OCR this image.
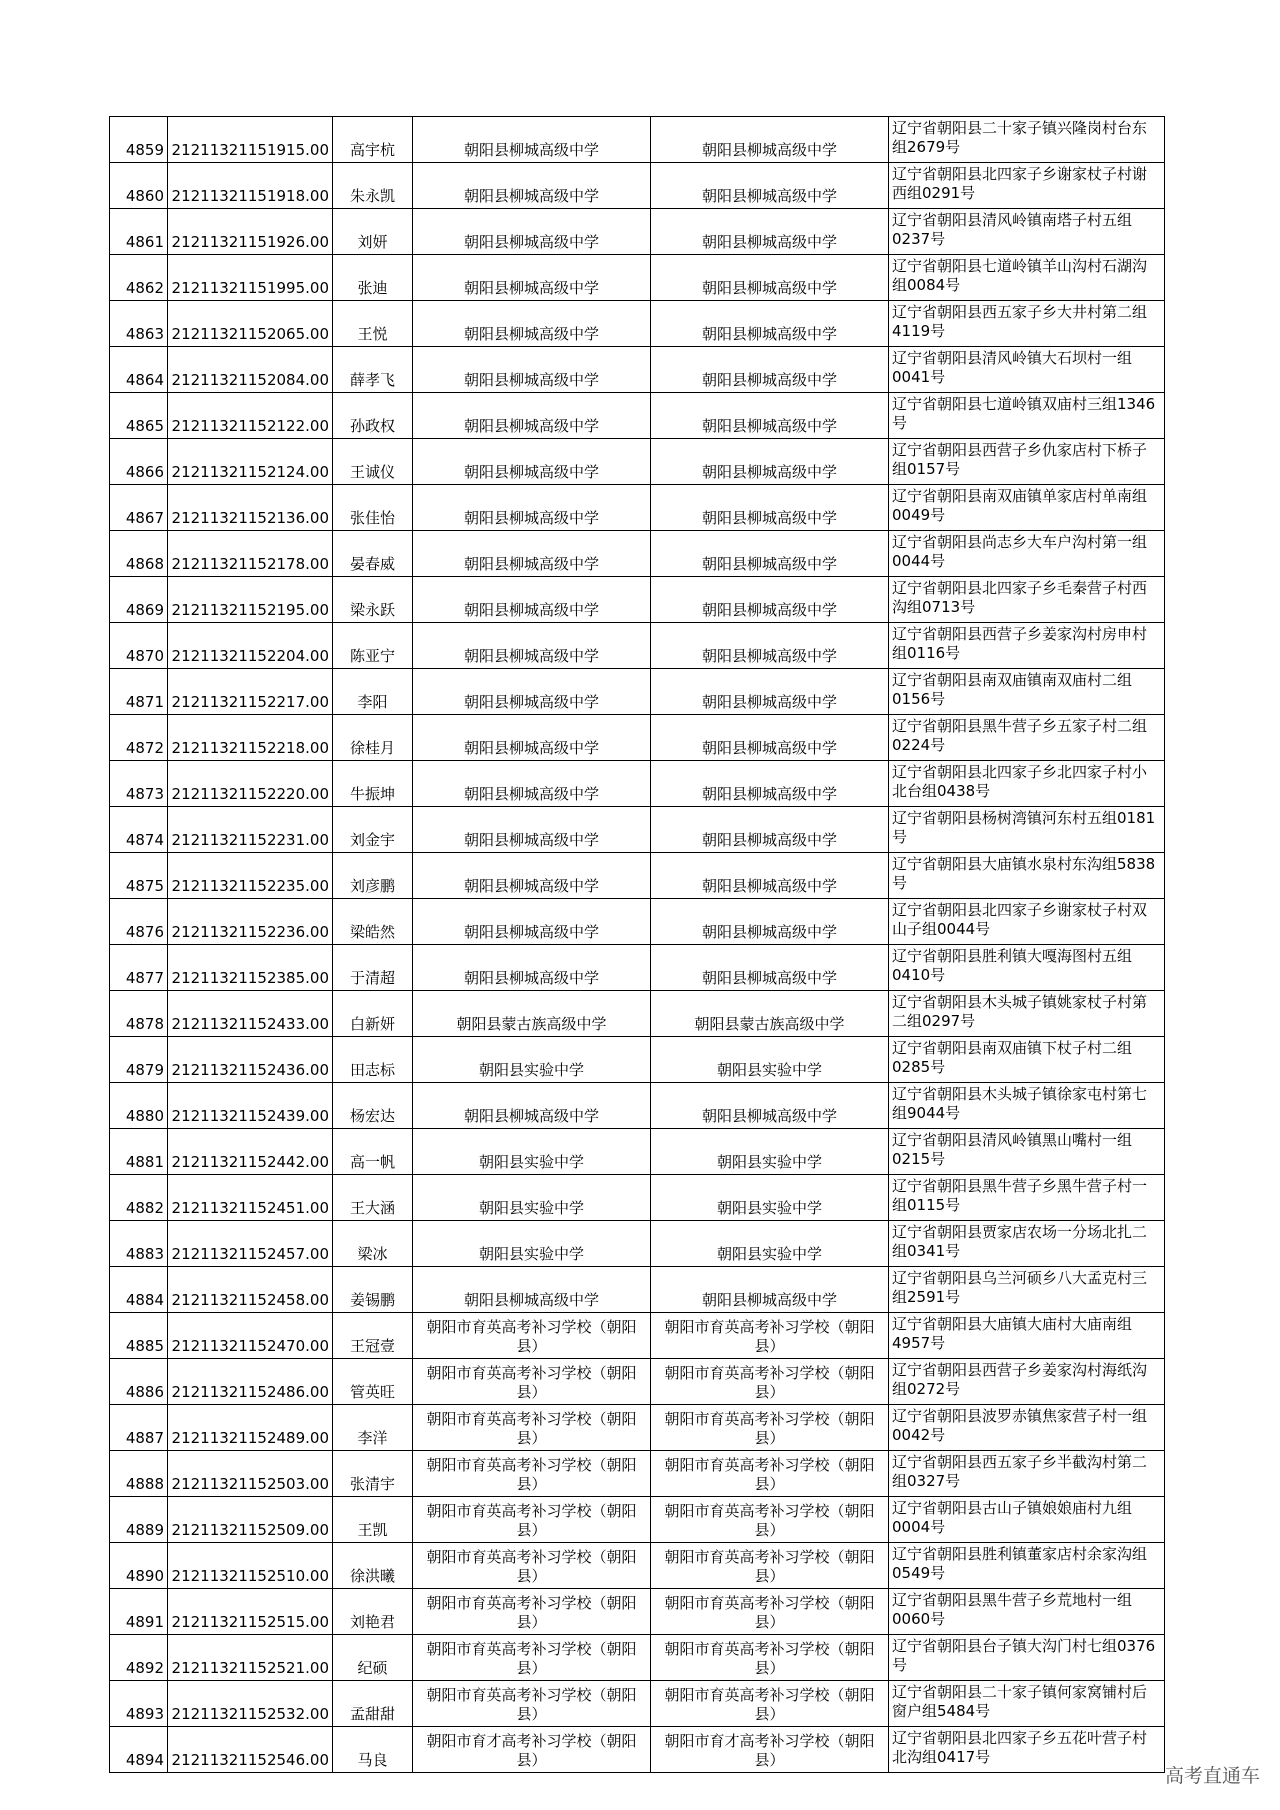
4859	21211321151915.00	高宇杭	朝阳县柳城高级中学	朝阳县柳城高级中学	辽宁省朝阳县二十家子镇兴隆岗村台东组2679号
4860	21211321151918.00	朱永凯	朝阳县柳城高级中学	朝阳县柳城高级中学	辽宁省朝阳县北四家子乡谢家杖子村谢西组0291号
4861	21211321151926.00	刘妍	朝阳县柳城高级中学	朝阳县柳城高级中学	辽宁省朝阳县清风岭镇南塔子村五组0237号
4862	21211321151995.00	张迪	朝阳县柳城高级中学	朝阳县柳城高级中学	辽宁省朝阳县七道岭镇羊山沟村石湖沟组0084号
4863	21211321152065.00	王悦	朝阳县柳城高级中学	朝阳县柳城高级中学	辽宁省朝阳县西五家子乡大井村第二组4119号
4864	21211321152084.00	薛孝飞	朝阳县柳城高级中学	朝阳县柳城高级中学	辽宁省朝阳县清风岭镇大石坝村一组0041号
4865	21211321152122.00	孙政权	朝阳县柳城高级中学	朝阳县柳城高级中学	辽宁省朝阳县七道岭镇双庙村三组1346号
4866	21211321152124.00	王诚仪	朝阳县柳城高级中学	朝阳县柳城高级中学	辽宁省朝阳县西营子乡仇家店村下桥子组0157号
4867	21211321152136.00	张佳怡	朝阳县柳城高级中学	朝阳县柳城高级中学	辽宁省朝阳县南双庙镇单家店村单南组0049号
4868	21211321152178.00	晏春威	朝阳县柳城高级中学	朝阳县柳城高级中学	辽宁省朝阳县尚志乡大车户沟村第一组0044号
4869	21211321152195.00	梁永跃	朝阳县柳城高级中学	朝阳县柳城高级中学	辽宁省朝阳县北四家子乡毛秦营子村西沟组0713号
4870	21211321152204.00	陈亚宁	朝阳县柳城高级中学	朝阳县柳城高级中学	辽宁省朝阳县西营子乡姜家沟村房申村组0116号
4871	21211321152217.00	李阳	朝阳县柳城高级中学	朝阳县柳城高级中学	辽宁省朝阳县南双庙镇南双庙村二组0156号
4872	21211321152218.00	徐桂月	朝阳县柳城高级中学	朝阳县柳城高级中学	辽宁省朝阳县黑牛营子乡五家子村二组0224号
4873	21211321152220.00	牛振坤	朝阳县柳城高级中学	朝阳县柳城高级中学	辽宁省朝阳县北四家子乡北四家子村小北台组0438号
4874	21211321152231.00	刘金宇	朝阳县柳城高级中学	朝阳县柳城高级中学	辽宁省朝阳县杨树湾镇河东村五组0181号
4875	21211321152235.00	刘彦鹏	朝阳县柳城高级中学	朝阳县柳城高级中学	辽宁省朝阳县大庙镇水泉村东沟组5838号
4876	21211321152236.00	梁皓然	朝阳县柳城高级中学	朝阳县柳城高级中学	辽宁省朝阳县北四家子乡谢家杖子村双山子组0044号
4877	21211321152385.00	于清超	朝阳县柳城高级中学	朝阳县柳城高级中学	辽宁省朝阳县胜利镇大嘎海图村五组0410号
4878	21211321152433.00	白新妍	朝阳县蒙古族高级中学	朝阳县蒙古族高级中学	辽宁省朝阳县木头城子镇姚家杖子村第二组0297号
4879	21211321152436.00	田志标	朝阳县实验中学	朝阳县实验中学	辽宁省朝阳县南双庙镇下杖子村二组0285号
4880	21211321152439.00	杨宏达	朝阳县柳城高级中学	朝阳县柳城高级中学	辽宁省朝阳县木头城子镇徐家屯村第七组9044号
4881	21211321152442.00	高一帆	朝阳县实验中学	朝阳县实验中学	辽宁省朝阳县清风岭镇黑山嘴村一组0215号
4882	21211321152451.00	王大涵	朝阳县实验中学	朝阳县实验中学	辽宁省朝阳县黑牛营子乡黑牛营子村一组0115号
4883	21211321152457.00	梁冰	朝阳县实验中学	朝阳县实验中学	辽宁省朝阳县贾家店农场一分场北扎二组0341号
4884	21211321152458.00	姜锡鹏	朝阳县柳城高级中学	朝阳县柳城高级中学	辽宁省朝阳县乌兰河硕乡八大孟克村三组2591号
4885	21211321152470.00	王冠壹	朝阳市育英高考补习学校（朝阳县）	朝阳市育英高考补习学校（朝阳县）	辽宁省朝阳县大庙镇大庙村大庙南组4957号
4886	21211321152486.00	管英旺	朝阳市育英高考补习学校（朝阳县）	朝阳市育英高考补习学校（朝阳县）	辽宁省朝阳县西营子乡姜家沟村海纸沟组0272号
4887	21211321152489.00	李洋	朝阳市育英高考补习学校（朝阳县）	朝阳市育英高考补习学校（朝阳县）	辽宁省朝阳县波罗赤镇焦家营子村一组0042号
4888	21211321152503.00	张清宇	朝阳市育英高考补习学校（朝阳县）	朝阳市育英高考补习学校（朝阳县）	辽宁省朝阳县西五家子乡半截沟村第二组0327号
4889	21211321152509.00	王凯	朝阳市育英高考补习学校（朝阳县）	朝阳市育英高考补习学校（朝阳县）	辽宁省朝阳县古山子镇娘娘庙村九组0004号
4890	21211321152510.00	徐洪曦	朝阳市育英高考补习学校（朝阳县）	朝阳市育英高考补习学校（朝阳县）	辽宁省朝阳县胜利镇董家店村余家沟组0549号
4891	21211321152515.00	刘艳君	朝阳市育英高考补习学校（朝阳县）	朝阳市育英高考补习学校（朝阳县）	辽宁省朝阳县黑牛营子乡荒地村一组0060号
4892	21211321152521.00	纪硕	朝阳市育英高考补习学校（朝阳县）	朝阳市育英高考补习学校（朝阳县）	辽宁省朝阳县台子镇大沟门村七组0376号
4893	21211321152532.00	孟甜甜	朝阳市育英高考补习学校（朝阳县）	朝阳市育英高考补习学校（朝阳县）	辽宁省朝阳县二十家子镇何家窝铺村后窗户组5484号
4894	21211321152546.00	马良	朝阳市育才高考补习学校（朝阳县）	朝阳市育才高考补习学校（朝阳县）	辽宁省朝阳县北四家子乡五花叶营子村北沟组0417号
高考直通车
